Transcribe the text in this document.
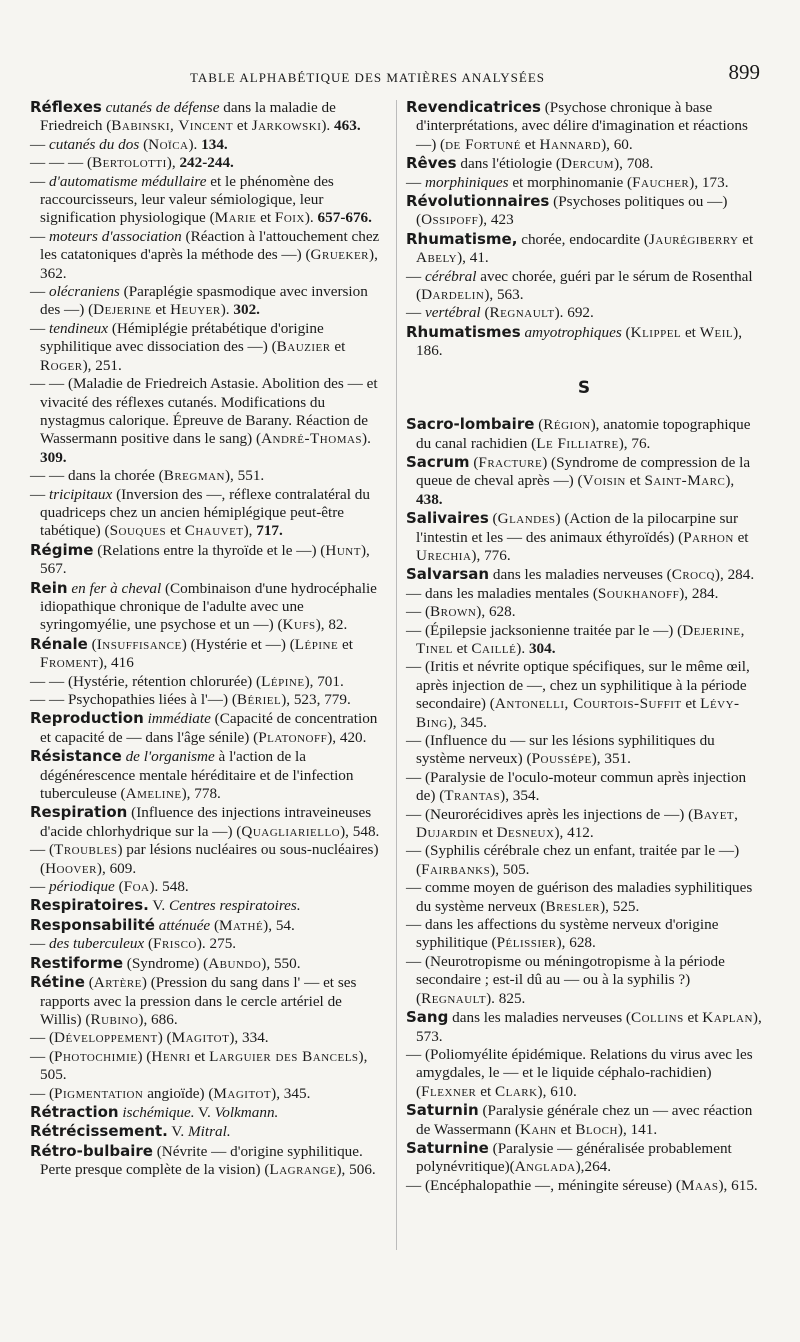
TABLE ALPHABÉTIQUE DES MATIÈRES ANALYSÉES	899

Réflexes cutanés de défense dans la maladie de Friedreich (Babinski, Vincent et Jarkowski). 463.

— cutanés du dos (Noïca). 134.

— — — (Bertolotti), 242-244.

— d'automatisme médullaire et le phénomène des raccourcisseurs, leur valeur sémiologique, leur signification physiologique (Marie et Foix). 657-676.

— moteurs d'association (Réaction à l'attouchement chez les catatoniques d'après la méthode des —) (Grueker), 362.

— olécraniens (Paraplégie spasmodique avec inversion des —) (Dejerine et Heuyer). 302.

— tendineux (Hémiplégie prétabétique d'origine syphilitique avec dissociation des —) (Bauzier et Roger), 251.

— — (Maladie de Friedreich Astasie. Abolition des — et vivacité des réflexes cutanés. Modifications du nystagmus calorique. Épreuve de Barany. Réaction de Wassermann positive dans le sang) (André-Thomas). 309.

— — dans la chorée (Bregman), 551.

— tricipitaux (Inversion des —, réflexe contralatéral du quadriceps chez un ancien hémiplégique peut-être tabétique) (Souques et Chauvet), 717.

Régime (Relations entre la thyroïde et le —) (Hunt), 567.

Rein en fer à cheval (Combinaison d'une hydrocéphalie idiopathique chronique de l'adulte avec une syringomyélie, une psychose et un —) (Kufs), 82.

Rénale (Insuffisance) (Hystérie et —) (Lépine et Froment), 416

— — (Hystérie, rétention chlorurée) (Lépine), 701.

— — Psychopathies liées à l'—) (Bériel), 523, 779.

Reproduction immédiate (Capacité de concentration et capacité de — dans l'âge sénile) (Platonoff), 420.

Résistance de l'organisme à l'action de la dégénérescence mentale héréditaire et de l'infection tuberculeuse (Ameline), 778.

Respiration (Influence des injections intraveineuses d'acide chlorhydrique sur la —) (Quagliariello), 548.

— (Troubles) par lésions nucléaires ou sous-nucléaires) (Hoover), 609.

— périodique (Foa). 548.

Respiratoires. V. Centres respiratoires.

Responsabilité atténuée (Mathé), 54.

— des tuberculeux (Frisco). 275.

Restiforme (Syndrome) (Abundo), 550.

Rétine (Artère) (Pression du sang dans l' — et ses rapports avec la pression dans le cercle artériel de Willis) (Rubino), 686.

— (Développement) (Magitot), 334.

— (Photochimie) (Henri et Larguier des Bancels), 505.

— (Pigmentation angioïde) (Magitot), 345.

Rétraction ischémique. V. Volkmann.

Rétrécissement. V. Mitral.

Rétro-bulbaire (Névrite — d'origine syphilitique. Perte presque complète de la vision) (Lagrange), 506.

Revendicatrices (Psychose chronique à base d'interprétations, avec délire d'imagination et réactions —) (de Fortuné et Hannard), 60.

Rêves dans l'étiologie (Dercum), 708.

— morphiniques et morphinomanie (Faucher), 173.

Révolutionnaires (Psychoses politiques ou —) (Ossipoff), 423

Rhumatisme, chorée, endocardite (Jaurégiberry et Abely), 41.

— cérébral avec chorée, guéri par le sérum de Rosenthal (Dardelin), 563.

— vertébral (Regnault). 692.

Rhumatismes amyotrophiques (Klippel et Weil), 186.

S

Sacro-lombaire (Région), anatomie topographique du canal rachidien (Le Filliatre), 76.

Sacrum (Fracture) (Syndrome de compression de la queue de cheval après —) (Voisin et Saint-Marc), 438.

Salivaires (Glandes) (Action de la pilocarpine sur l'intestin et les — des animaux éthyroïdés) (Parhon et Urechia), 776.

Salvarsan dans les maladies nerveuses (Crocq), 284.

— dans les maladies mentales (Soukhanoff), 284.

— (Brown), 628.

— (Épilepsie jacksonienne traitée par le —) (Dejerine, Tinel et Caillé). 304.

— (Iritis et névrite optique spécifiques, sur le même œil, après injection de —, chez un syphilitique à la période secondaire) (Antonelli, Courtois-Suffit et Lévy-Bing), 345.

— (Influence du — sur les lésions syphilitiques du système nerveux) (Poussépe), 351.

— (Paralysie de l'oculo-moteur commun après injection de) (Trantas), 354.

— (Neurorécidives après les injections de —) (Bayet, Dujardin et Desneux), 412.

— (Syphilis cérébrale chez un enfant, traitée par le —) (Fairbanks), 505.

— comme moyen de guérison des maladies syphilitiques du système nerveux (Bresler), 525.

— dans les affections du système nerveux d'origine syphilitique (Pélissier), 628.

— (Neurotropisme ou méningotropisme à la période secondaire ; est-il dû au — ou à la syphilis ?) (Regnault). 825.

Sang dans les maladies nerveuses (Collins et Kaplan), 573.

— (Poliomyélite épidémique. Relations du virus avec les amygdales, le — et le liquide céphalo-rachidien) (Flexner et Clark), 610.

Saturnin (Paralysie générale chez un — avec réaction de Wassermann (Kahn et Bloch), 141.

Saturnine (Paralysie — généralisée probablement polynévritique)(Anglada),264.

— (Encéphalopathie —, méningite séreuse) (Maas), 615.
